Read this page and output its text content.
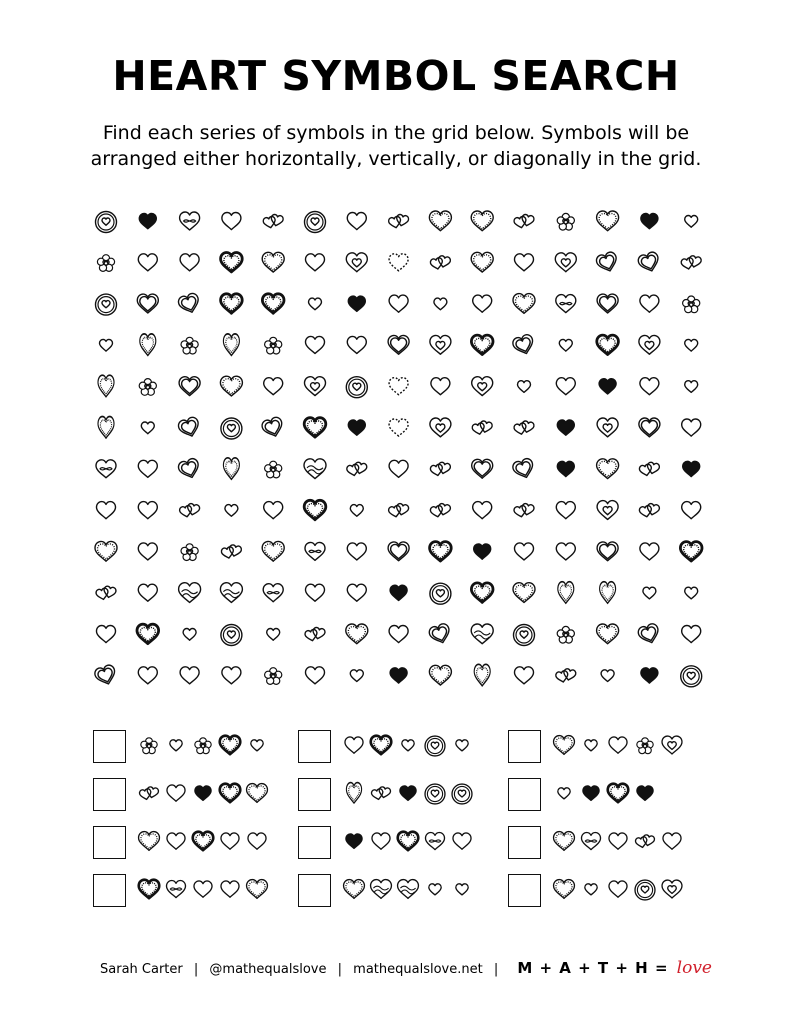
HEART SYMBOL SEARCH

Find each series of symbols in the grid below. Symbols will be arranged either horizontally, vertically, or diagonally in the grid.

Sarah Carter | @mathequalslove | mathequalslove.net | M + A + T + H = love
